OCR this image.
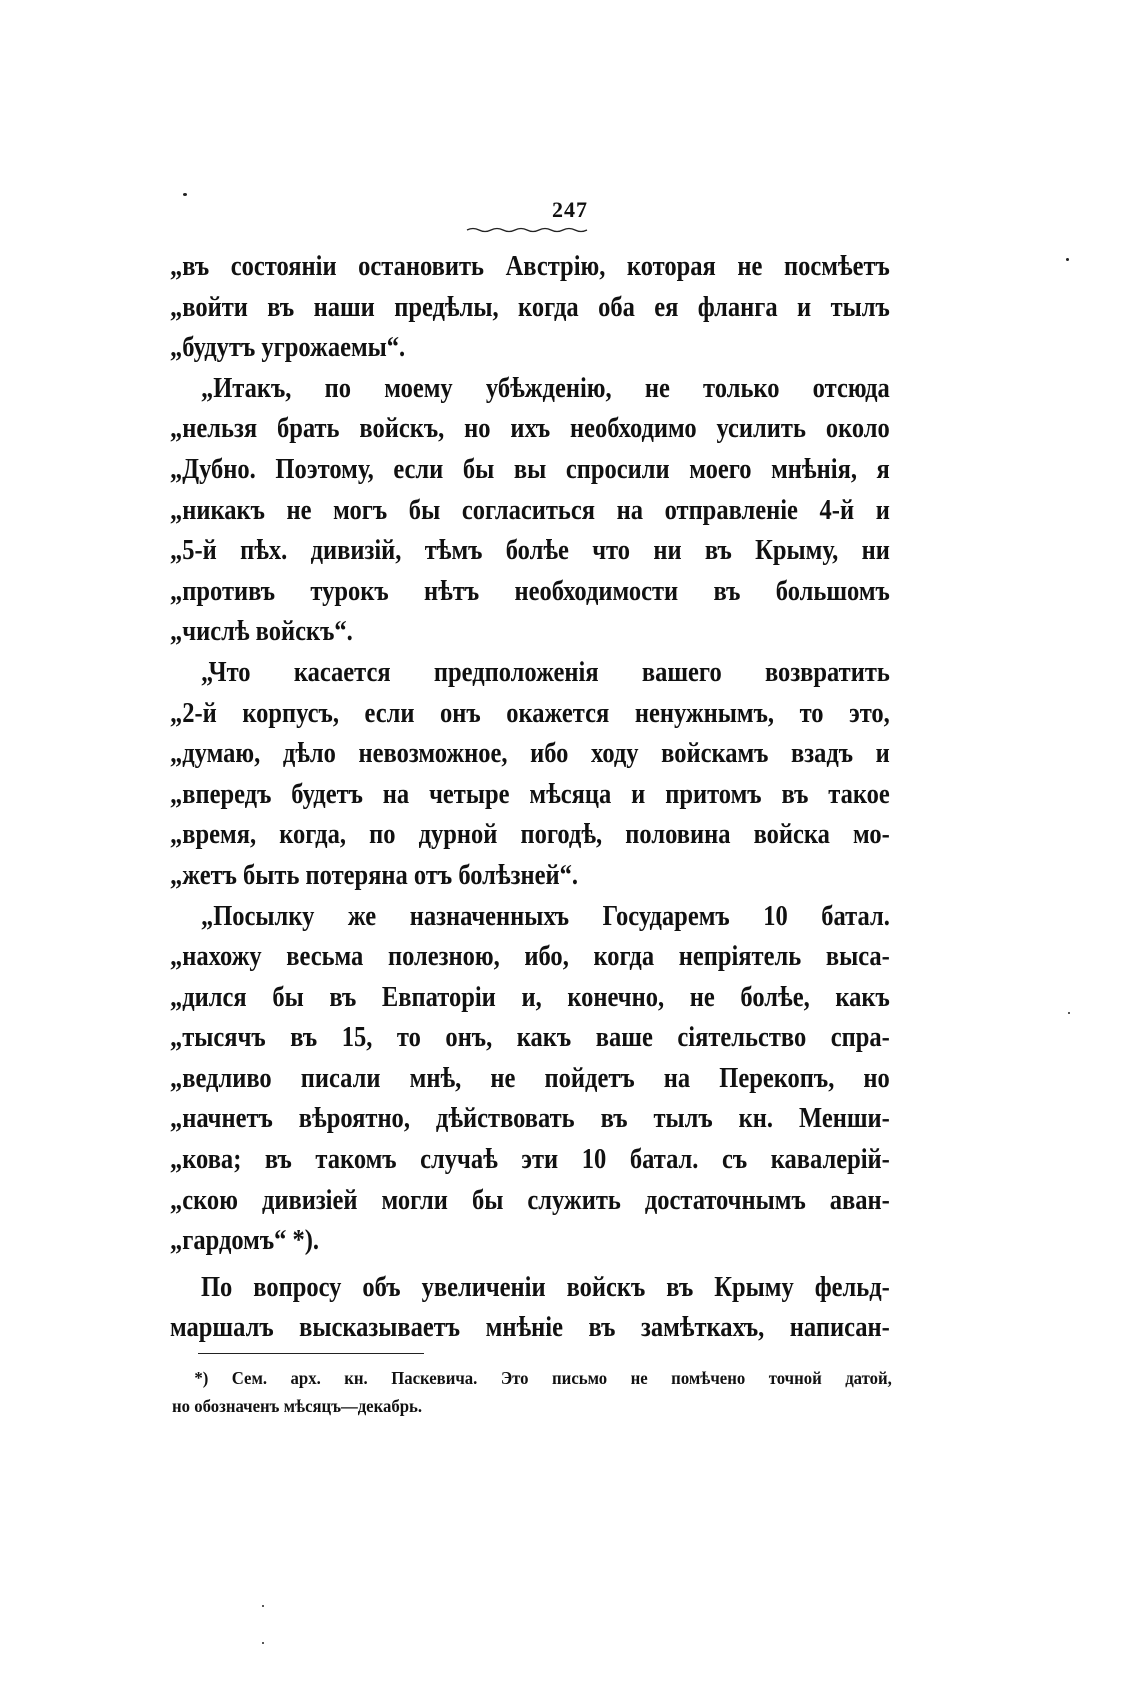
247
„въ состояніи остановить Австрію, которая не посмѣетъ
„войти въ наши предѣлы, когда оба ея фланга и тылъ
„будутъ угрожаемы“.
„Итакъ, по моему убѣжденію, не только отсюда
„нельзя брать войскъ, но ихъ необходимо усилить около
„Дубно. Поэтому, если бы вы спросили моего мнѣнія, я
„никакъ не могъ бы согласиться на отправленіе 4-й и
„5-й пѣх. дивизій, тѣмъ болѣе что ни въ Крыму, ни
„противъ турокъ нѣтъ необходимости въ большомъ
„числѣ войскъ“.
„Что касается предположенія вашего возвратить
„2-й корпусъ, если онъ окажется ненужнымъ, то это,
„думаю, дѣло невозможное, ибо ходу войскамъ взадъ и
„впередъ будетъ на четыре мѣсяца и притомъ въ такое
„время, когда, по дурной погодѣ, половина войска мо-
„жетъ быть потеряна отъ болѣзней“.
„Посылку же назначенныхъ Государемъ 10 батал.
„нахожу весьма полезною, ибо, когда непріятель выса-
„дился бы въ Евпаторіи и, конечно, не болѣе, какъ
„тысячъ въ 15, то онъ, какъ ваше сіятельство спра-
„ведливо писали мнѣ, не пойдетъ на Перекопъ, но
„начнетъ вѣроятно, дѣйствовать въ тылъ кн. Менши-
„кова; въ такомъ случаѣ эти 10 батал. съ кавалерій-
„скою дивизіей могли бы служить достаточнымъ аван-
„гардомъ“ *).
По вопросу объ увеличеніи войскъ въ Крыму фельд-
маршалъ высказываетъ мнѣніе въ замѣткахъ, написан-
*) Сем. арх. кн. Паскевича. Это письмо не помѣчено точной датой,
но обозначенъ мѣсяцъ—декабрь.
